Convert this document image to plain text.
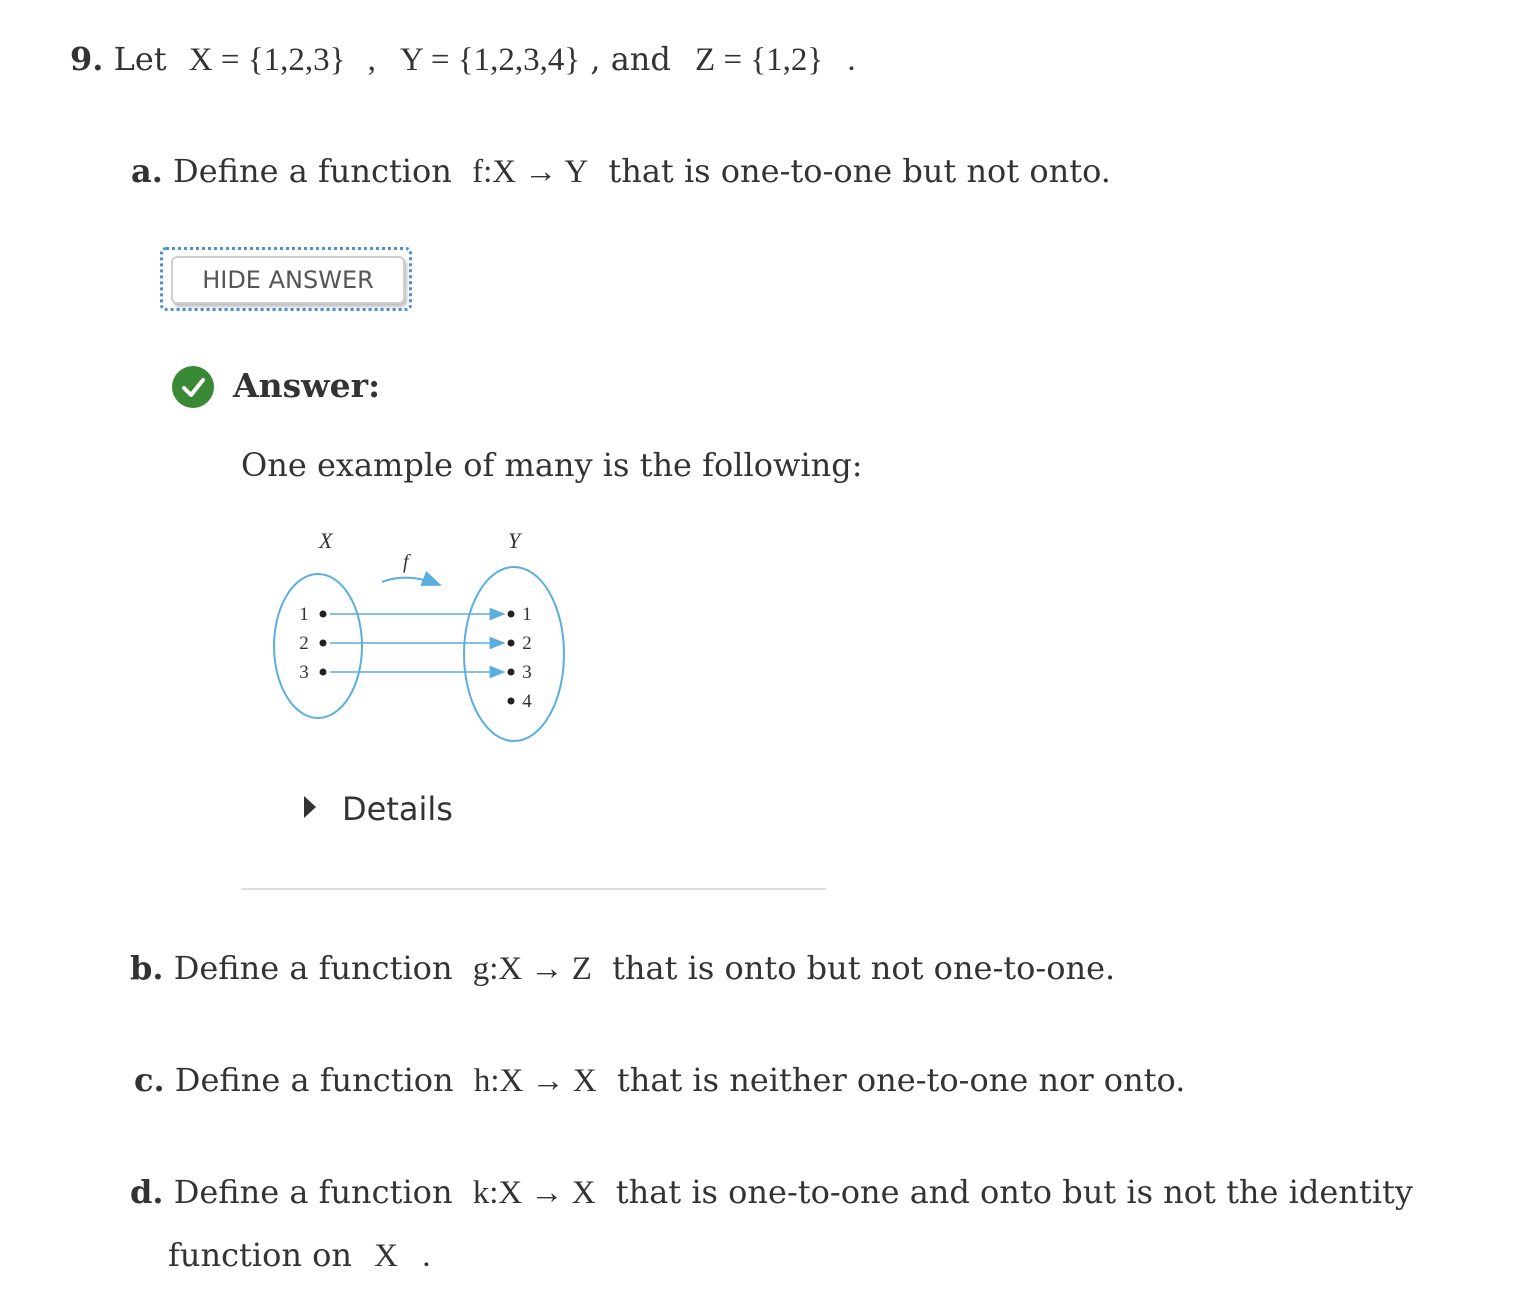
9. Let X = {1,2,3} , Y = {1,2,3,4} , and Z = {1,2} .
a. Define a function f:X → Y that is one-to-one but not onto.
HIDE ANSWER
Answer:
One example of many is the following:
X	Y
f
1
2
3
1
2
3
4
Details
b. Define a function g:X → Z that is onto but not one-to-one.
c. Define a function h:X → X that is neither one-to-one nor onto.
d. Define a function k:X → X that is one-to-one and onto but is not the identity
function on X .
